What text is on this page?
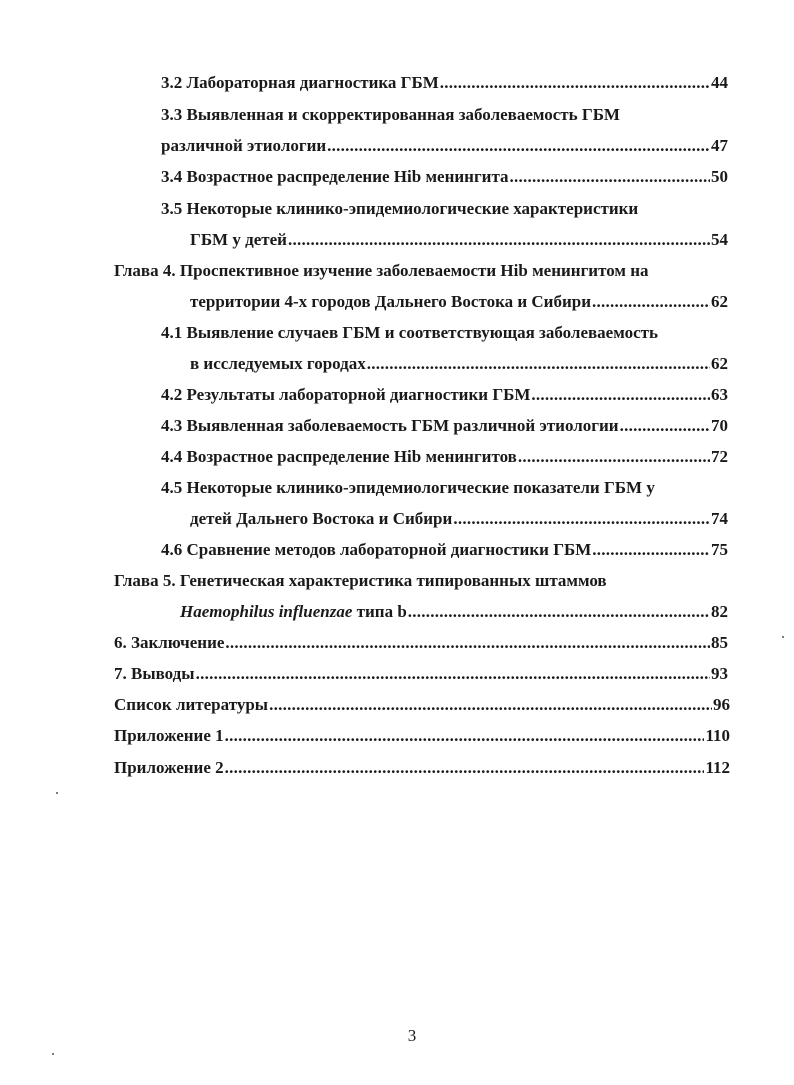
3.2 Лабораторная диагностика ГБМ . . .	44
3.3 Выявленная и скорректированная заболеваемость ГБМ
различной этиологии . . .	47
3.4 Возрастное распределение Hib менингита . . .	50
3.5 Некоторые клинико-эпидемиологические характеристики
ГБМ у детей . . .	54
Глава 4. Проспективное изучение заболеваемости Hib менингитом на
территории 4-х городов Дальнего Востока и Сибири . . .	62
4.1 Выявление случаев ГБМ и соответствующая заболеваемость
в исследуемых городах . . .	62
4.2 Результаты лабораторной диагностики ГБМ . . .	63
4.3 Выявленная заболеваемость ГБМ различной этиологии . . .	70
4.4 Возрастное распределение Hib менингитов . . .	72
4.5 Некоторые клинико-эпидемиологические показатели ГБМ у
детей Дальнего Востока и Сибири . . .	74
4.6 Сравнение методов лабораторной диагностики ГБМ . . .	75
Глава 5. Генетическая характеристика типированных штаммов
Haemophilus influenzae типа b . . .	82
6. Заключение . . .	85
7. Выводы . . .	93
Список литературы . . .	96
Приложение 1 . . .	110
Приложение 2 . . .	112
3
